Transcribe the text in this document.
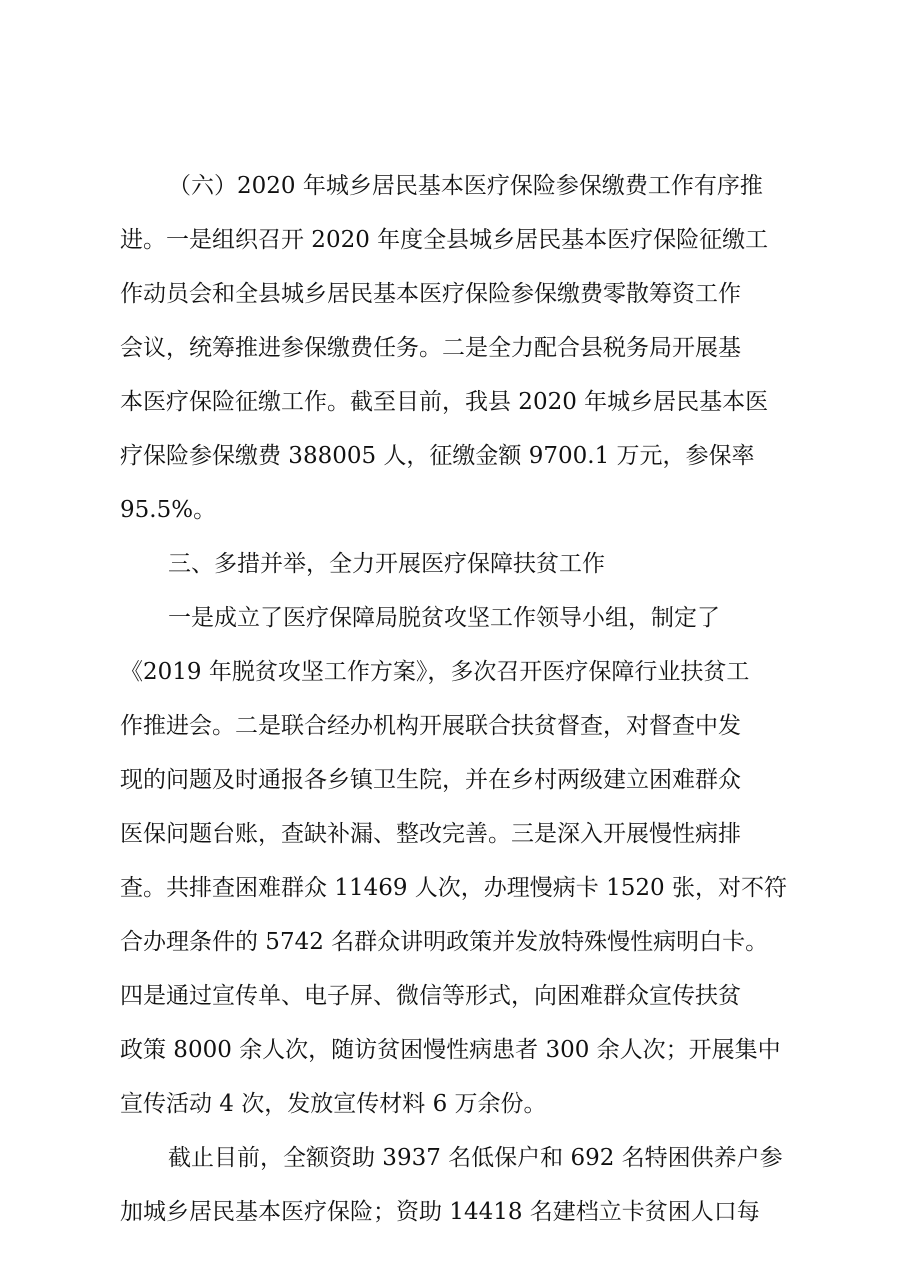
（六）2020 年城乡居民基本医疗保险参保缴费工作有序推
进。一是组织召开 2020 年度全县城乡居民基本医疗保险征缴工
作动员会和全县城乡居民基本医疗保险参保缴费零散筹资工作
会议，统筹推进参保缴费任务。二是全力配合县税务局开展基
本医疗保险征缴工作。截至目前，我县 2020 年城乡居民基本医
疗保险参保缴费 388005 人，征缴金额 9700.1 万元，参保率
95.5%。
三、多措并举，全力开展医疗保障扶贫工作
一是成立了医疗保障局脱贫攻坚工作领导小组，制定了
《2019 年脱贫攻坚工作方案》，多次召开医疗保障行业扶贫工
作推进会。二是联合经办机构开展联合扶贫督查，对督查中发
现的问题及时通报各乡镇卫生院，并在乡村两级建立困难群众
医保问题台账，查缺补漏、整改完善。三是深入开展慢性病排
查。共排查困难群众 11469 人次，办理慢病卡 1520 张，对不符
合办理条件的 5742 名群众讲明政策并发放特殊慢性病明白卡。
四是通过宣传单、电子屏、微信等形式，向困难群众宣传扶贫
政策 8000 余人次，随访贫困慢性病患者 300 余人次；开展集中
宣传活动 4 次，发放宣传材料 6 万余份。
截止目前，全额资助 3937 名低保户和 692 名特困供养户参
加城乡居民基本医疗保险；资助 14418 名建档立卡贫困人口每
